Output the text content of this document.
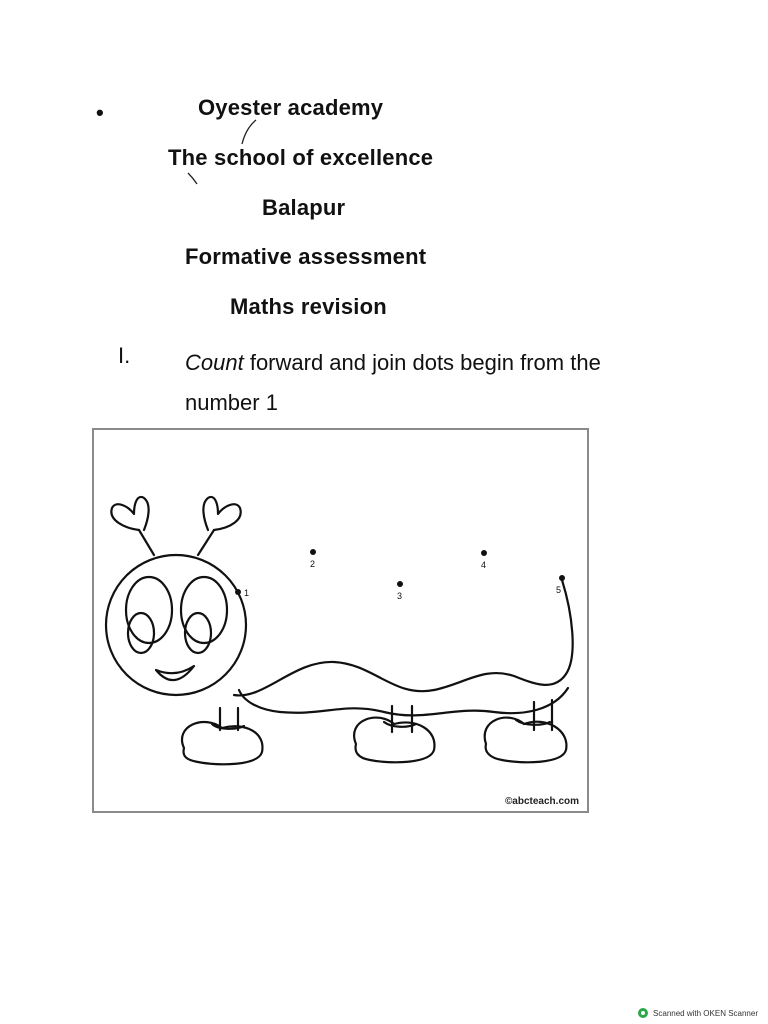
•	Oyester academy
The school of excellence
Balapur
Formative assessment
Maths revision
I. Count forward and join dots begin from the number 1
1
2
3
4
5
©abcteach.com
Scanned with OKEN Scanner
